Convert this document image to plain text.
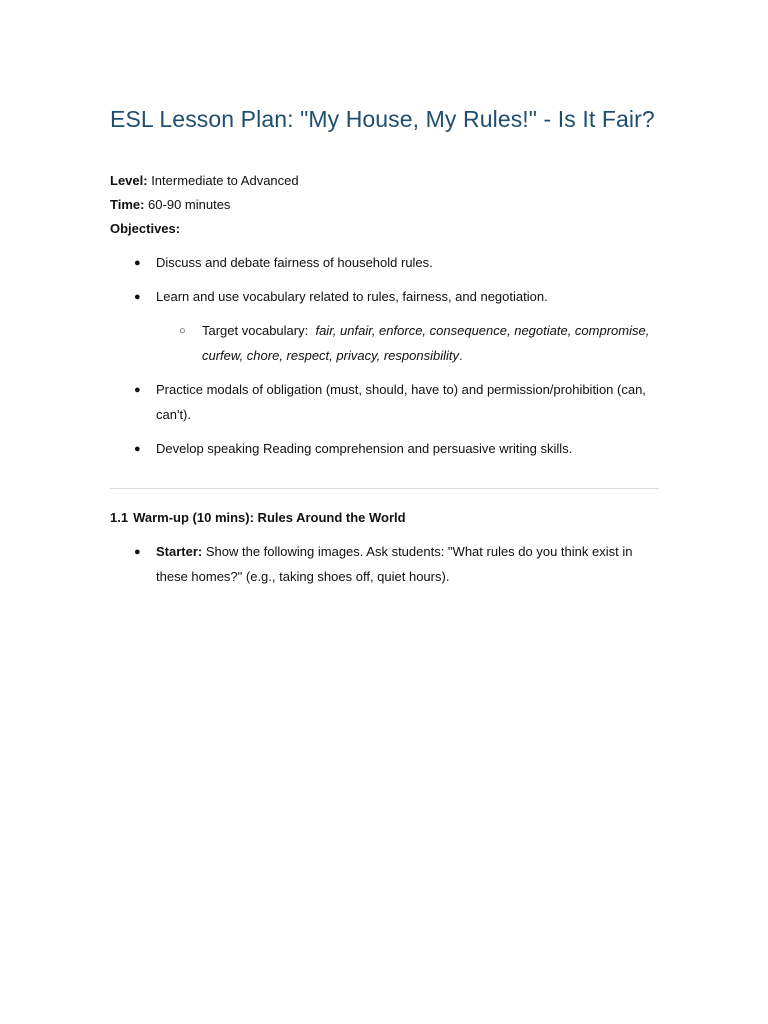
ESL Lesson Plan: "My House, My Rules!" - Is It Fair?
Level: Intermediate to Advanced
Time: 60-90 minutes
Objectives:
● Discuss and debate fairness of household rules.
● Learn and use vocabulary related to rules, fairness, and negotiation.
○ Target vocabulary: fair, unfair, enforce, consequence, negotiate, compromise, curfew, chore, respect, privacy, responsibility.
● Practice modals of obligation (must, should, have to) and permission/prohibition (can, can't).
● Develop speaking Reading comprehension and persuasive writing skills.
1.1 Warm-up (10 mins): Rules Around the World
● Starter: Show the following images. Ask students: "What rules do you think exist in these homes?" (e.g., taking shoes off, quiet hours).
